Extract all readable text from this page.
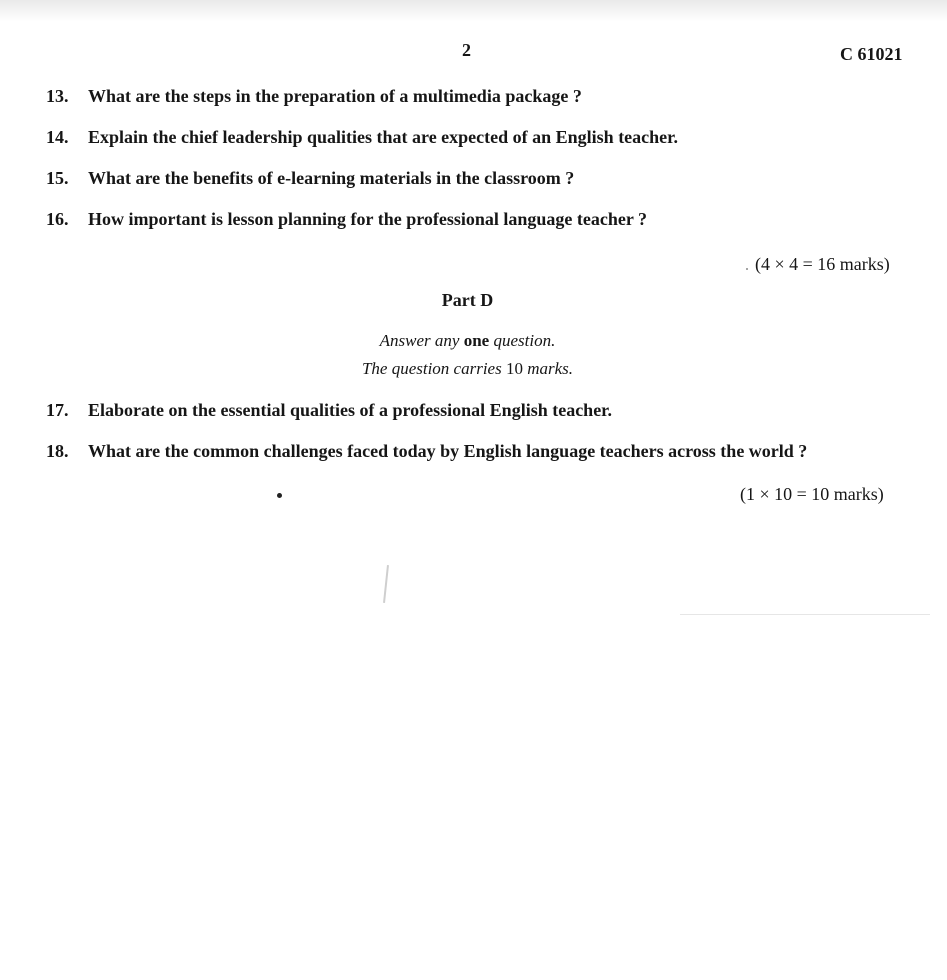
2	C 61021
13. What are the steps in the preparation of a multimedia package ?
14. Explain the chief leadership qualities that are expected of an English teacher.
15. What are the benefits of e-learning materials in the classroom ?
16. How important is lesson planning for the professional language teacher ?
(4 × 4 = 16 marks)
Part D
Answer any one question.
The question carries 10 marks.
17. Elaborate on the essential qualities of a professional English teacher.
18. What are the common challenges faced today by English language teachers across the world ?
(1 × 10 = 10 marks)
